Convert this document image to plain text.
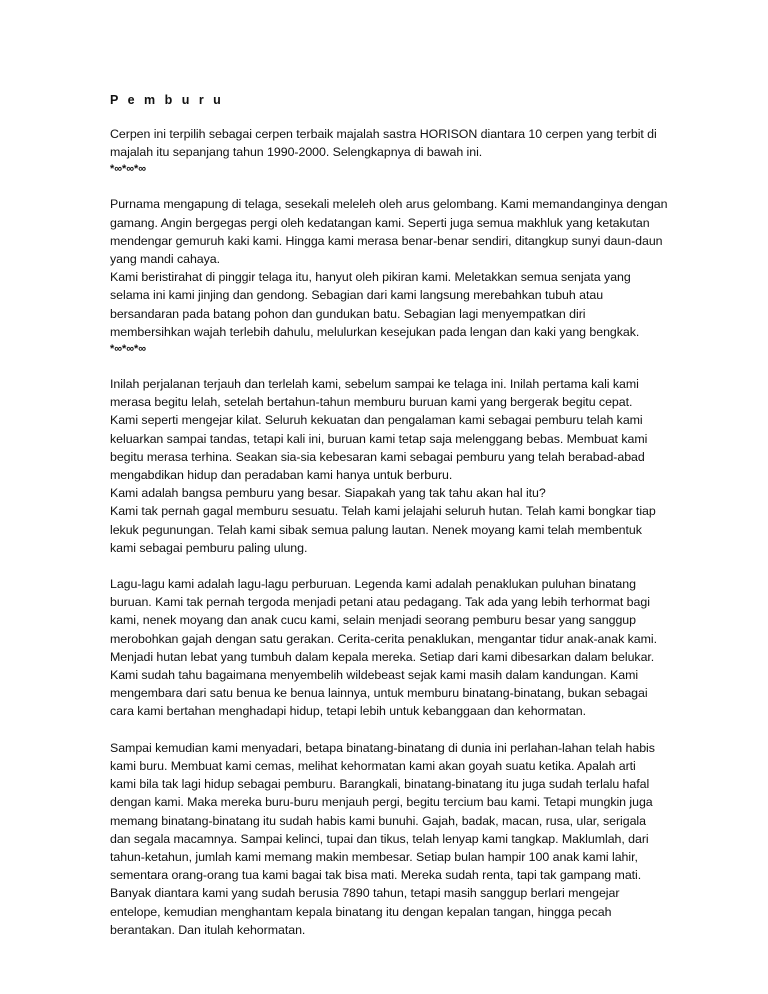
P e m b u r u
Cerpen ini terpilih sebagai cerpen terbaik majalah sastra HORISON diantara 10 cerpen yang terbit di
majalah itu sepanjang tahun 1990-2000. Selengkapnya di bawah ini.
*∞*∞*∞
Purnama mengapung di telaga, sesekali meleleh oleh arus gelombang. Kami memandanginya dengan
gamang. Angin bergegas pergi oleh kedatangan kami. Seperti juga semua makhluk yang ketakutan
mendengar gemuruh kaki kami. Hingga kami merasa benar-benar sendiri, ditangkup sunyi daun-daun
yang mandi cahaya.
Kami beristirahat di pinggir telaga itu, hanyut oleh pikiran kami. Meletakkan semua senjata yang
selama ini kami jinjing dan gendong. Sebagian dari kami langsung merebahkan tubuh atau
bersandaran pada batang pohon dan gundukan batu. Sebagian lagi menyempatkan diri
membersihkan wajah terlebih dahulu, melulurkan kesejukan pada lengan dan kaki yang bengkak.
*∞*∞*∞
Inilah perjalanan terjauh dan terlelah kami, sebelum sampai ke telaga ini. Inilah pertama kali kami
merasa begitu lelah, setelah bertahun-tahun memburu buruan kami yang bergerak begitu cepat.
Kami seperti mengejar kilat. Seluruh kekuatan dan pengalaman kami sebagai pemburu telah kami
keluarkan sampai tandas, tetapi kali ini, buruan kami tetap saja melenggang bebas. Membuat kami
begitu merasa terhina. Seakan sia-sia kebesaran kami sebagai pemburu yang telah berabad-abad
mengabdikan hidup dan peradaban kami hanya untuk berburu.
Kami adalah bangsa pemburu yang besar. Siapakah yang tak tahu akan hal itu?
Kami tak pernah gagal memburu sesuatu. Telah kami jelajahi seluruh hutan. Telah kami bongkar tiap
lekuk pegunungan. Telah kami sibak semua palung lautan. Nenek moyang kami telah membentuk
kami sebagai pemburu paling ulung.
Lagu-lagu kami adalah lagu-lagu perburuan. Legenda kami adalah penaklukan puluhan binatang
buruan. Kami tak pernah tergoda menjadi petani atau pedagang. Tak ada yang lebih terhormat bagi
kami, nenek moyang dan anak cucu kami, selain menjadi seorang pemburu besar yang sanggup
merobohkan gajah dengan satu gerakan. Cerita-cerita penaklukan, mengantar tidur anak-anak kami.
Menjadi hutan lebat yang tumbuh dalam kepala mereka. Setiap dari kami dibesarkan dalam belukar.
Kami sudah tahu bagaimana menyembelih wildebeast sejak kami masih dalam kandungan. Kami
mengembara dari satu benua ke benua lainnya, untuk memburu binatang-binatang, bukan sebagai
cara kami bertahan menghadapi hidup, tetapi lebih untuk kebanggaan dan kehormatan.
Sampai kemudian kami menyadari, betapa binatang-binatang di dunia ini perlahan-lahan telah habis
kami buru. Membuat kami cemas, melihat kehormatan kami akan goyah suatu ketika. Apalah arti
kami bila tak lagi hidup sebagai pemburu. Barangkali, binatang-binatang itu juga sudah terlalu hafal
dengan kami. Maka mereka buru-buru menjauh pergi, begitu tercium bau kami. Tetapi mungkin juga
memang binatang-binatang itu sudah habis kami bunuhi. Gajah, badak, macan, rusa, ular, serigala
dan segala macamnya. Sampai kelinci, tupai dan tikus, telah lenyap kami tangkap. Maklumlah, dari
tahun-ketahun, jumlah kami memang makin membesar. Setiap bulan hampir 100 anak kami lahir,
sementara orang-orang tua kami bagai tak bisa mati. Mereka sudah renta, tapi tak gampang mati.
Banyak diantara kami yang sudah berusia 7890 tahun, tetapi masih sanggup berlari mengejar
entelope, kemudian menghantam kepala binatang itu dengan kepalan tangan, hingga pecah
berantakan. Dan itulah kehormatan.
